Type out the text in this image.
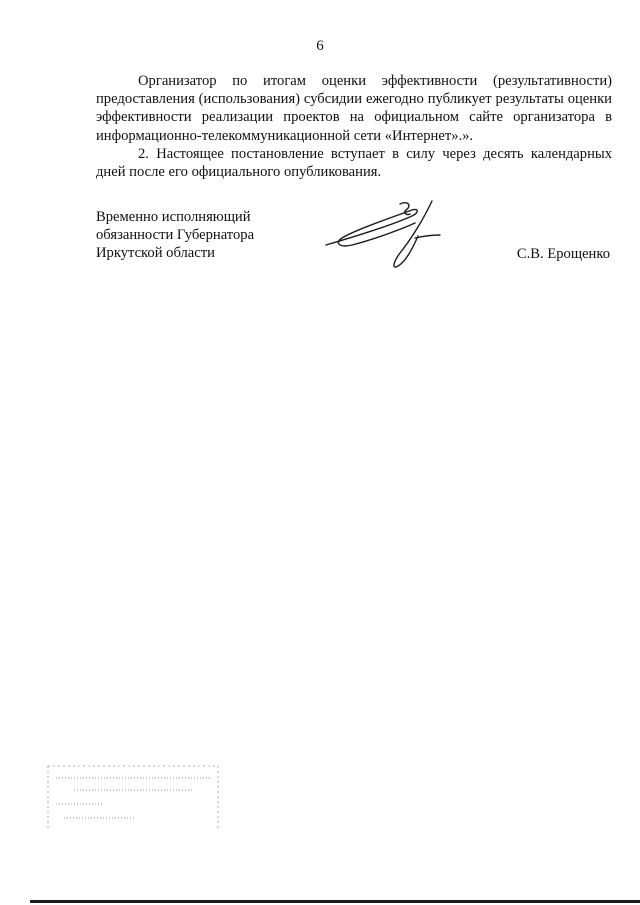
6

Организатор по итогам оценки эффективности (результативности) предоставления (использования) субсидии ежегодно публикует результаты оценки эффективности реализации проектов на официальном сайте организатора в информационно-телекоммуникационной сети «Интернет».».

2. Настоящее постановление вступает в силу через десять календарных дней после его официального опубликования.

Временно исполняющий
обязанности Губернатора
Иркутской области	С.В. Ерощенко
